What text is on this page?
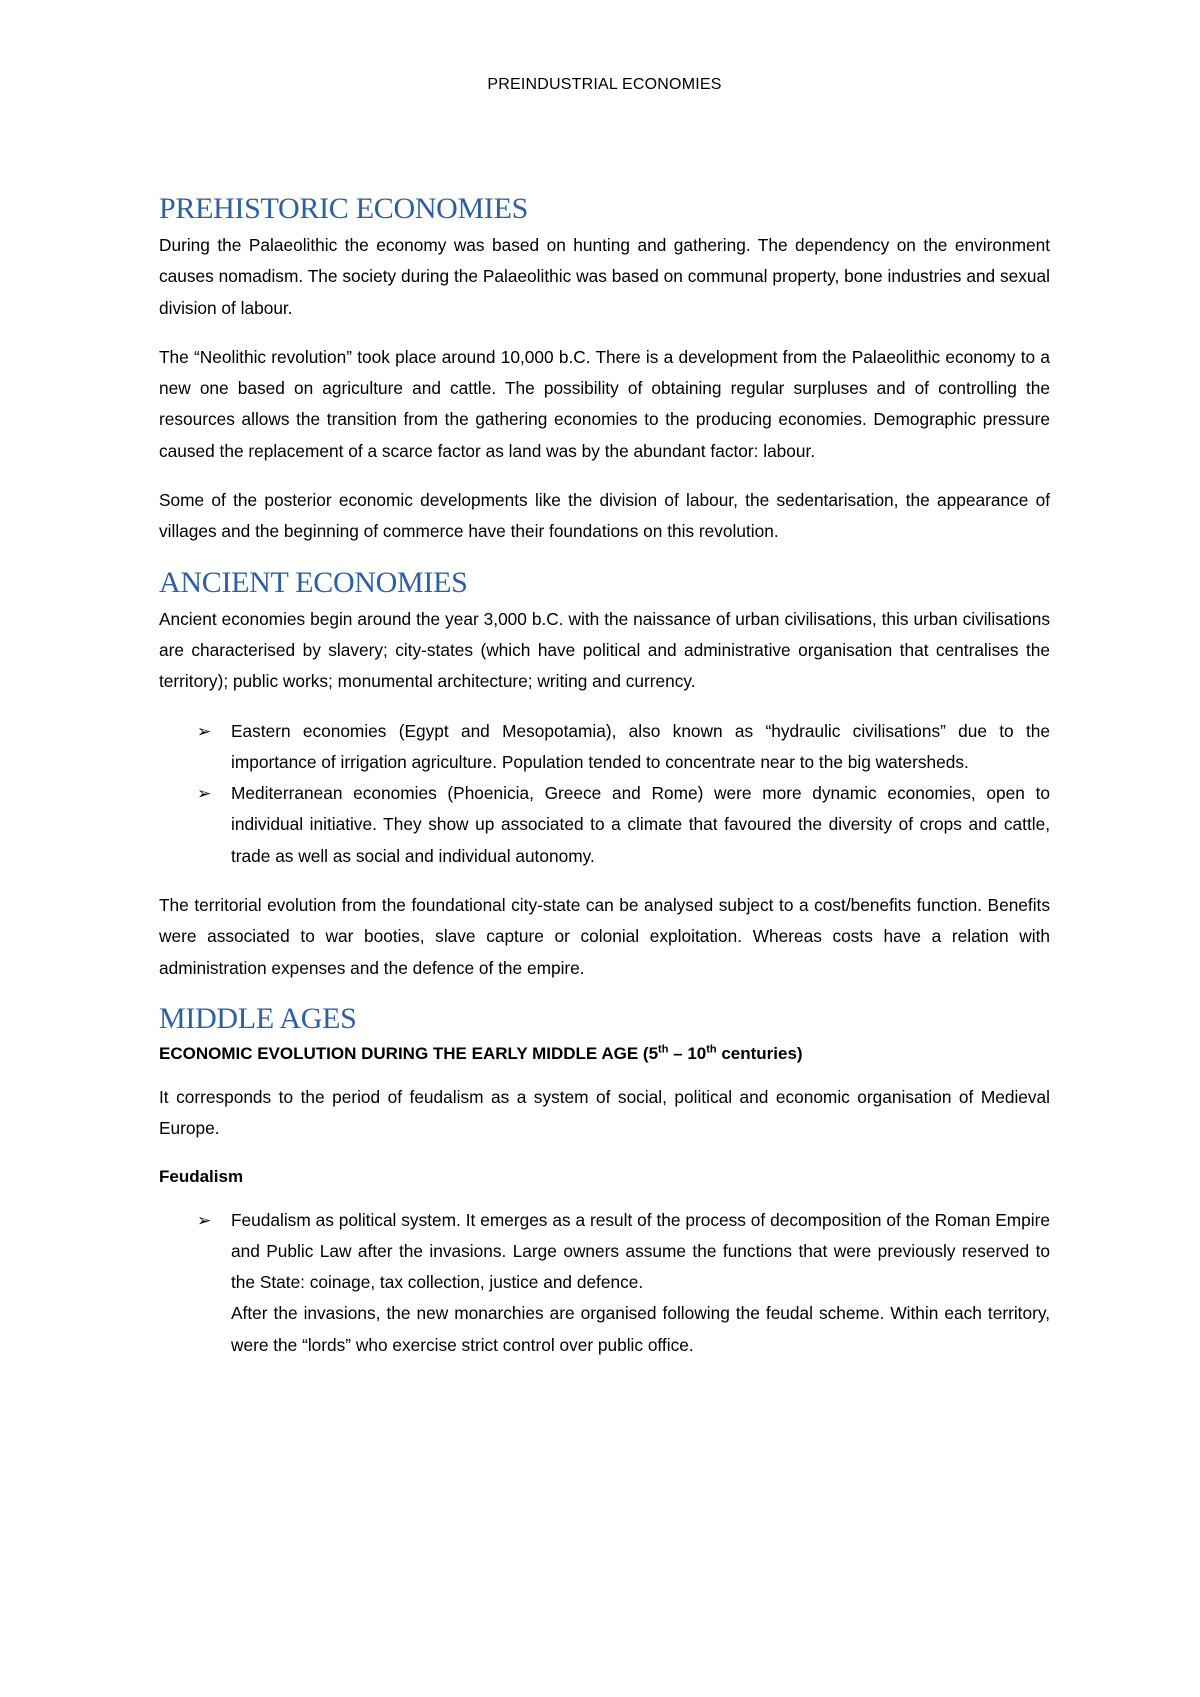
PREINDUSTRIAL ECONOMIES
PREHISTORIC ECONOMIES

During the Palaeolithic the economy was based on hunting and gathering. The dependency on the environment causes nomadism. The society during the Palaeolithic was based on communal property, bone industries and sexual division of labour.

The “Neolithic revolution” took place around 10,000 b.C. There is a development from the Palaeolithic economy to a new one based on agriculture and cattle. The possibility of obtaining regular surpluses and of controlling the resources allows the transition from the gathering economies to the producing economies. Demographic pressure caused the replacement of a scarce factor as land was by the abundant factor: labour.

Some of the posterior economic developments like the division of labour, the sedentarisation, the appearance of villages and the beginning of commerce have their foundations on this revolution.

ANCIENT ECONOMIES

Ancient economies begin around the year 3,000 b.C. with the naissance of urban civilisations, this urban civilisations are characterised by slavery; city-states (which have political and administrative organisation that centralises the territory); public works; monumental architecture; writing and currency.

➢ Eastern economies (Egypt and Mesopotamia), also known as “hydraulic civilisations” due to the importance of irrigation agriculture. Population tended to concentrate near to the big watersheds.
➢ Mediterranean economies (Phoenicia, Greece and Rome) were more dynamic economies, open to individual initiative. They show up associated to a climate that favoured the diversity of crops and cattle, trade as well as social and individual autonomy.

The territorial evolution from the foundational city-state can be analysed subject to a cost/benefits function. Benefits were associated to war booties, slave capture or colonial exploitation. Whereas costs have a relation with administration expenses and the defence of the empire.

MIDDLE AGES
ECONOMIC EVOLUTION DURING THE EARLY MIDDLE AGE (5th – 10th centuries)

It corresponds to the period of feudalism as a system of social, political and economic organisation of Medieval Europe.

Feudalism
➢ Feudalism as political system. It emerges as a result of the process of decomposition of the Roman Empire and Public Law after the invasions. Large owners assume the functions that were previously reserved to the State: coinage, tax collection, justice and defence.
After the invasions, the new monarchies are organised following the feudal scheme. Within each territory, were the “lords” who exercise strict control over public office.
